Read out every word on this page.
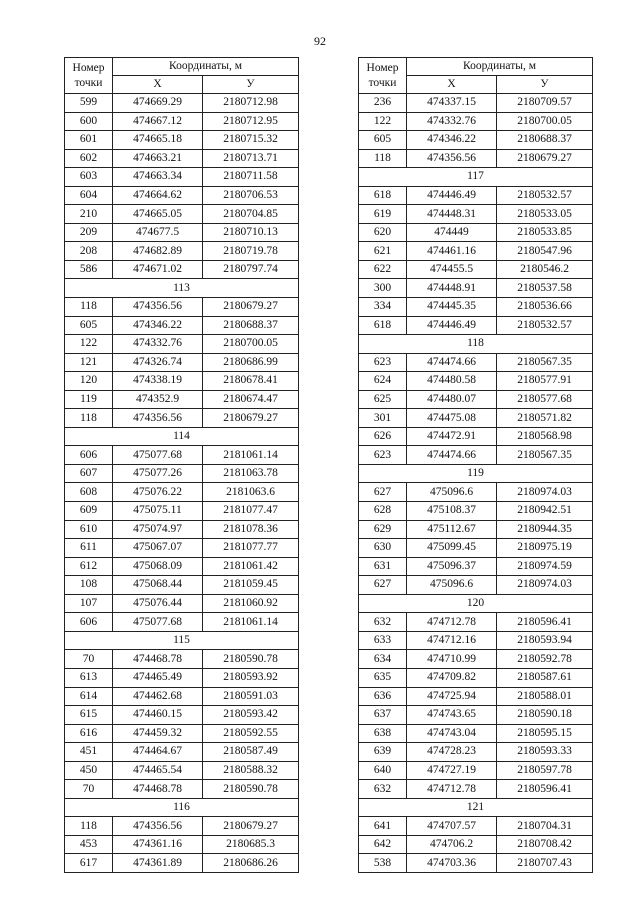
92
Номер точки	Координаты, м	
	X	У
599	474669.29	2180712.98
600	474667.12	2180712.95
601	474665.18	2180715.32
602	474663.21	2180713.71
603	474663.34	2180711.58
604	474664.62	2180706.53
210	474665.05	2180704.85
209	474677.5	2180710.13
208	474682.89	2180719.78
586	474671.02	2180797.74
113		
118	474356.56	2180679.27
605	474346.22	2180688.37
122	474332.76	2180700.05
121	474326.74	2180686.99
120	474338.19	2180678.41
119	474352.9	2180674.47
118	474356.56	2180679.27
114		
606	475077.68	2181061.14
607	475077.26	2181063.78
608	475076.22	2181063.6
609	475075.11	2181077.47
610	475074.97	2181078.36
611	475067.07	2181077.77
612	475068.09	2181061.42
108	475068.44	2181059.45
107	475076.44	2181060.92
606	475077.68	2181061.14
115		
70	474468.78	2180590.78
613	474465.49	2180593.92
614	474462.68	2180591.03
615	474460.15	2180593.42
616	474459.32	2180592.55
451	474464.67	2180587.49
450	474465.54	2180588.32
70	474468.78	2180590.78
116		
118	474356.56	2180679.27
453	474361.16	2180685.3
617	474361.89	2180686.26
Номер точки	Координаты, м	
	X	У
236	474337.15	2180709.57
122	474332.76	2180700.05
605	474346.22	2180688.37
118	474356.56	2180679.27
117		
618	474446.49	2180532.57
619	474448.31	2180533.05
620	474449	2180533.85
621	474461.16	2180547.96
622	474455.5	2180546.2
300	474448.91	2180537.58
334	474445.35	2180536.66
618	474446.49	2180532.57
118		
623	474474.66	2180567.35
624	474480.58	2180577.91
625	474480.07	2180577.68
301	474475.08	2180571.82
626	474472.91	2180568.98
623	474474.66	2180567.35
119		
627	475096.6	2180974.03
628	475108.37	2180942.51
629	475112.67	2180944.35
630	475099.45	2180975.19
631	475096.37	2180974.59
627	475096.6	2180974.03
120		
632	474712.78	2180596.41
633	474712.16	2180593.94
634	474710.99	2180592.78
635	474709.82	2180587.61
636	474725.94	2180588.01
637	474743.65	2180590.18
638	474743.04	2180595.15
639	474728.23	2180593.33
640	474727.19	2180597.78
632	474712.78	2180596.41
121		
641	474707.57	2180704.31
642	474706.2	2180708.42
538	474703.36	2180707.43
